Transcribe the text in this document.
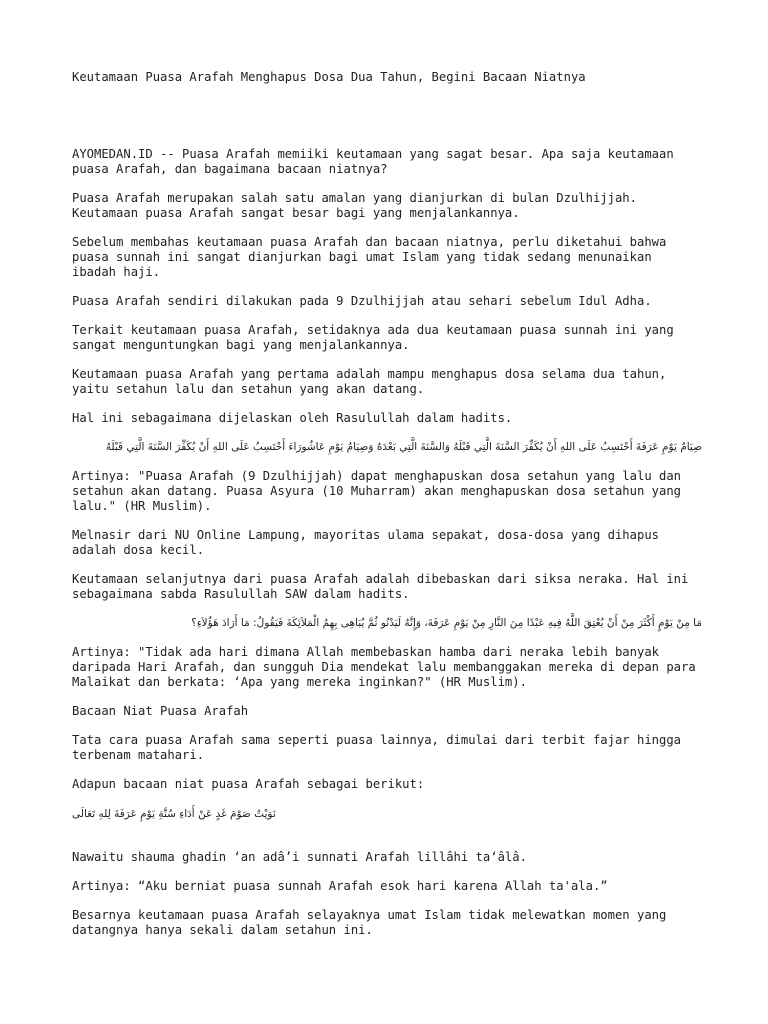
Keutamaan Puasa Arafah Menghapus Dosa Dua Tahun, Begini Bacaan Niatnya

AYOMEDAN.ID -- Puasa Arafah memiiki keutamaan yang sagat besar. Apa saja keutamaan puasa Arafah, dan bagaimana bacaan niatnya?

Puasa Arafah merupakan salah satu amalan yang dianjurkan di bulan Dzulhijjah. Keutamaan puasa Arafah sangat besar bagi yang menjalankannya.

Sebelum membahas keutamaan puasa Arafah dan bacaan niatnya, perlu diketahui bahwa puasa sunnah ini sangat dianjurkan bagi umat Islam yang tidak sedang menunaikan ibadah haji.

Puasa Arafah sendiri dilakukan pada 9 Dzulhijjah atau sehari sebelum Idul Adha.

Terkait keutamaan puasa Arafah, setidaknya ada dua keutamaan puasa sunnah ini yang sangat menguntungkan bagi yang menjalankannya.

Keutamaan puasa Arafah yang pertama adalah mampu menghapus dosa selama dua tahun, yaitu setahun lalu dan setahun yang akan datang.

Hal ini sebagaimana dijelaskan oleh Rasulullah dalam hadits.

صِيَامُ يَوْمِ عَرَفَةَ أَحْتَسِبُ عَلَى اللهِ أَنْ يُكَفِّرَ السَّنَةَ الَّتِي قَبْلَهُ وَالسَّنَةَ الَّتِي بَعْدَهُ وَصِيَامُ يَوْمِ عَاشُورَاءَ أَحْتَسِبُ عَلَى اللهِ أَنْ يُكَفِّرَ السَّنَةَ الَّتِي قَبْلَهُ

Artinya: "Puasa Arafah (9 Dzulhijjah) dapat menghapuskan dosa setahun yang lalu dan setahun akan datang. Puasa Asyura (10 Muharram) akan menghapuskan dosa setahun yang lalu." (HR Muslim).

Melnasir dari NU Online Lampung, mayoritas ulama sepakat, dosa-dosa yang dihapus adalah dosa kecil.

Keutamaan selanjutnya dari puasa Arafah adalah dibebaskan dari siksa neraka. Hal ini sebagaimana sabda Rasulullah SAW dalam hadits.

مَا مِنْ يَوْمٍ أَكْثَرَ مِنْ أَنْ يُعْتِقَ اللَّهُ فِيهِ عَبْدًا مِنَ النَّارِ مِنْ يَوْمِ عَرَفَةَ، وَإِنَّهُ لَيَدْنُو ثُمَّ يُبَاهِى بِهِمُ الْمَلاَئِكَةَ فَيَقُولُ: مَا أَرَادَ هَؤُلاَءِ؟

Artinya: "Tidak ada hari dimana Allah membebaskan hamba dari neraka lebih banyak daripada Hari Arafah, dan sungguh Dia mendekat lalu membanggakan mereka di depan para Malaikat dan berkata: ‘Apa yang mereka inginkan?" (HR Muslim).

Bacaan Niat Puasa Arafah

Tata cara puasa Arafah sama seperti puasa lainnya, dimulai dari terbit fajar hingga terbenam matahari.

Adapun bacaan niat puasa Arafah sebagai berikut:

نَوَيْتُ صَوْمَ غَدٍ عَنْ أَدَاءِ سُنَّةِ يَوْمِ عَرَفَةَ لِلهِ تَعَالَى

Nawaitu shauma ghadin ‘an adâ’i sunnati Arafah lillâhi ta‘âlâ.

Artinya: “Aku berniat puasa sunnah Arafah esok hari karena Allah ta'ala.”

Besarnya keutamaan puasa Arafah selayaknya umat Islam tidak melewatkan momen yang datangnya hanya sekali dalam setahun ini.
